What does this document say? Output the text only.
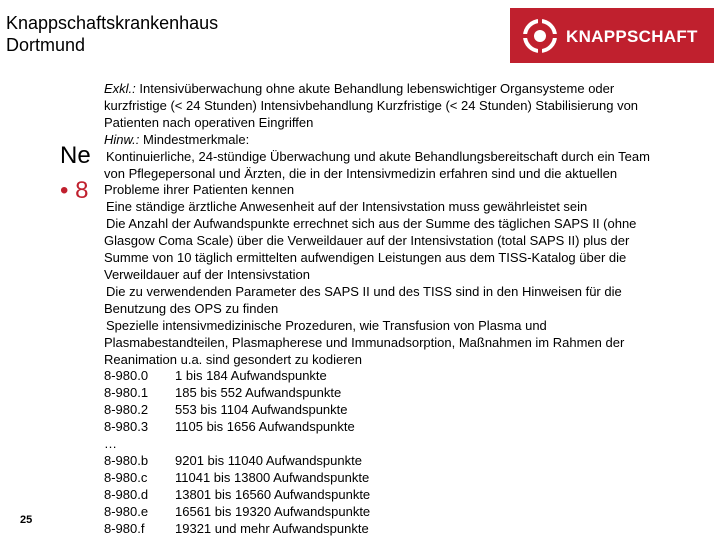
Knappschaftskrankenhaus
Dortmund	KNAPPSCHAFT
Ne
• 8
25
Exkl.: Intensivüberwachung ohne akute Behandlung lebenswichtiger Organsysteme oder
kurzfristige (< 24 Stunden) Intensivbehandlung Kurzfristige (< 24 Stunden) Stabilisierung von
Patienten nach operativen Eingriffen
Hinw.: Mindestmerkmale:
Kontinuierliche, 24-stündige Überwachung und akute Behandlungsbereitschaft durch ein Team
von Pflegepersonal und Ärzten, die in der Intensivmedizin erfahren sind und die aktuellen
Probleme ihrer Patienten kennen
Eine ständige ärztliche Anwesenheit auf der Intensivstation muss gewährleistet sein
Die Anzahl der Aufwandspunkte errechnet sich aus der Summe des täglichen SAPS II (ohne
Glasgow Coma Scale) über die Verweildauer auf der Intensivstation (total SAPS II) plus der
Summe von 10 täglich ermittelten aufwendigen Leistungen aus dem TISS-Katalog über die
Verweildauer auf der Intensivstation
Die zu verwendenden Parameter des SAPS II und des TISS sind in den Hinweisen für die
Benutzung des OPS zu finden
Spezielle intensivmedizinische Prozeduren, wie Transfusion von Plasma und
Plasmabestandteilen, Plasmapherese und Immunadsorption, Maßnahmen im Rahmen der
Reanimation u.a. sind gesondert zu kodieren
8-980.0	1 bis 184 Aufwandspunkte
8-980.1	185 bis 552 Aufwandspunkte
8-980.2	553 bis 1104 Aufwandspunkte
8-980.3	1105 bis 1656 Aufwandspunkte
…
8-980.b	9201 bis 11040 Aufwandspunkte
8-980.c	11041 bis 13800 Aufwandspunkte
8-980.d	13801 bis 16560 Aufwandspunkte
8-980.e	16561 bis 19320 Aufwandspunkte
8-980.f	19321 und mehr Aufwandspunkte
